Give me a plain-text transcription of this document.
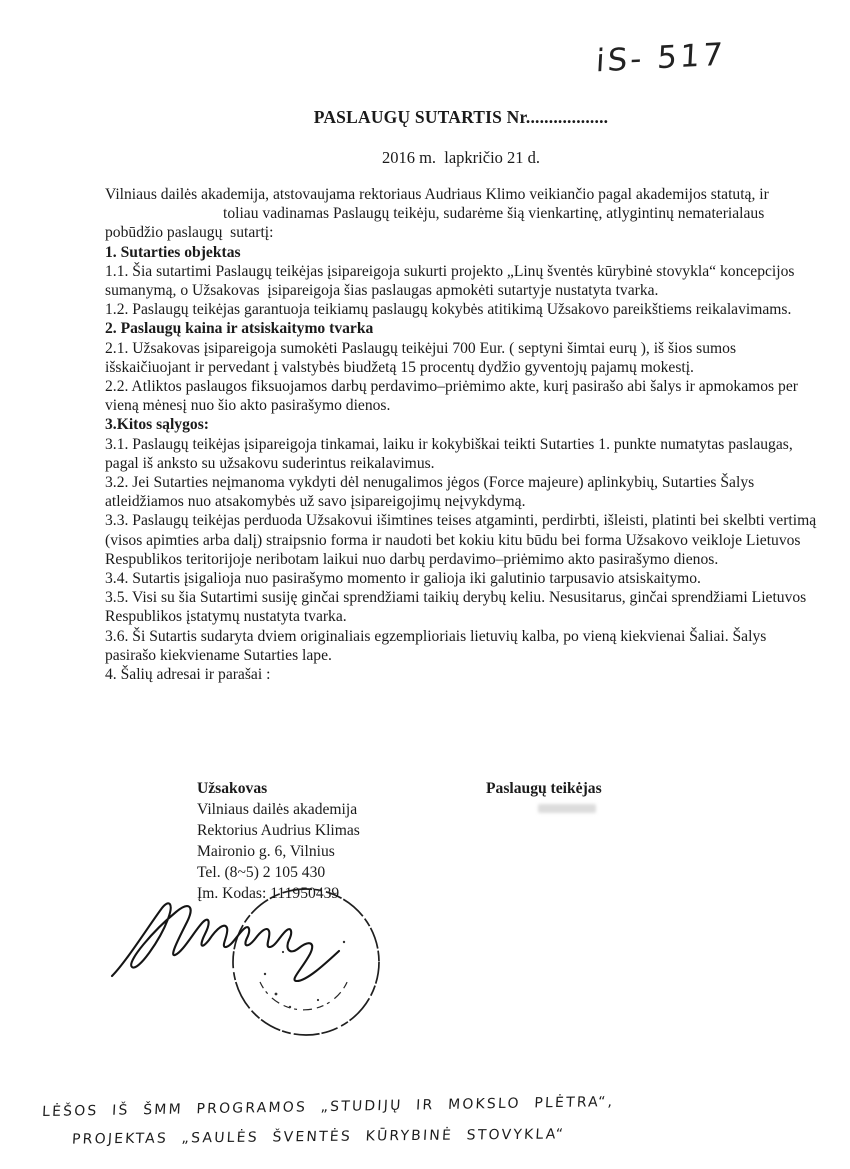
iS- 517
PASLAUGŲ SUTARTIS Nr..................
2016 m.  lapkričio 21 d.

Vilniaus dailės akademija, atstovaujama rektoriaus Audriaus Klimo veikiančio pagal akademijos statutą, irtoliau vadinamas Paslaugų teikėju, sudarėme šią vienkartinę, atlygintinų nematerialaus pobūdžio paslaugų  sutartį:

1. Sutarties objektas

1.1. Šia sutartimi Paslaugų teikėjas įsipareigoja sukurti projekto „Linų šventės kūrybinė stovykla“ koncepcijos  sumanymą, o Užsakovas  įsipareigoja šias paslaugas apmokėti sutartyje nustatyta tvarka.

1.2. Paslaugų teikėjas garantuoja teikiamų paslaugų kokybės atitikimą Užsakovo pareikštiems reikalavimams.

2. Paslaugų kaina ir atsiskaitymo tvarka

2.1. Užsakovas įsipareigoja sumokėti Paslaugų teikėjui 700 Eur. ( septyni šimtai eurų ), iš šios sumos išskaičiuojant ir pervedant į valstybės biudžetą 15 procentų dydžio gyventojų pajamų mokestį.

2.2. Atliktos paslaugos fiksuojamos darbų perdavimo–priėmimo akte, kurį pasirašo abi šalys ir apmokamos per vieną mėnesį nuo šio akto pasirašymo dienos.

3.Kitos sąlygos:

3.1. Paslaugų teikėjas įsipareigoja tinkamai, laiku ir kokybiškai teikti Sutarties 1. punkte numatytas paslaugas, pagal iš anksto su užsakovu suderintus reikalavimus.

3.2. Jei Sutarties neįmanoma vykdyti dėl nenugalimos jėgos (Force majeure) aplinkybių, Sutarties Šalys atleidžiamos nuo atsakomybės už savo įsipareigojimų neįvykdymą.

3.3. Paslaugų teikėjas perduoda Užsakovui išimtines teises atgaminti, perdirbti, išleisti, platinti bei skelbti vertimą (visos apimties arba dalį) straipsnio forma ir naudoti bet kokiu kitu būdu bei forma Užsakovo veikloje Lietuvos Respublikos teritorijoje neribotam laikui nuo darbų perdavimo–priėmimo akto pasirašymo dienos.

3.4. Sutartis įsigalioja nuo pasirašymo momento ir galioja iki galutinio tarpusavio atsiskaitymo.

3.5. Visi su šia Sutartimi susiję ginčai sprendžiami taikių derybų keliu. Nesusitarus, ginčai sprendžiami Lietuvos Respublikos įstatymų nustatyta tvarka.

3.6. Ši Sutartis sudaryta dviem originaliais egzemplioriais lietuvių kalba, po vieną kiekvienai Šaliai. Šalys pasirašo kiekviename Sutarties lape.

4. Šalių adresai ir parašai :

Užsakovas
Vilniaus dailės akademija
Rektorius Audrius Klimas
Maironio g. 6, Vilnius
Tel. (8~5) 2 105 430
Įm. Kodas: 111950439
Paslaugų teikėjas
LĖŠOS IŠ ŠMM PROGRAMOS „STUDIJŲ IR MOKSLO PLĖTRA“,
PROJEKTAS „SAULĖS ŠVENTĖS KŪRYBINĖ STOVYKLA“
